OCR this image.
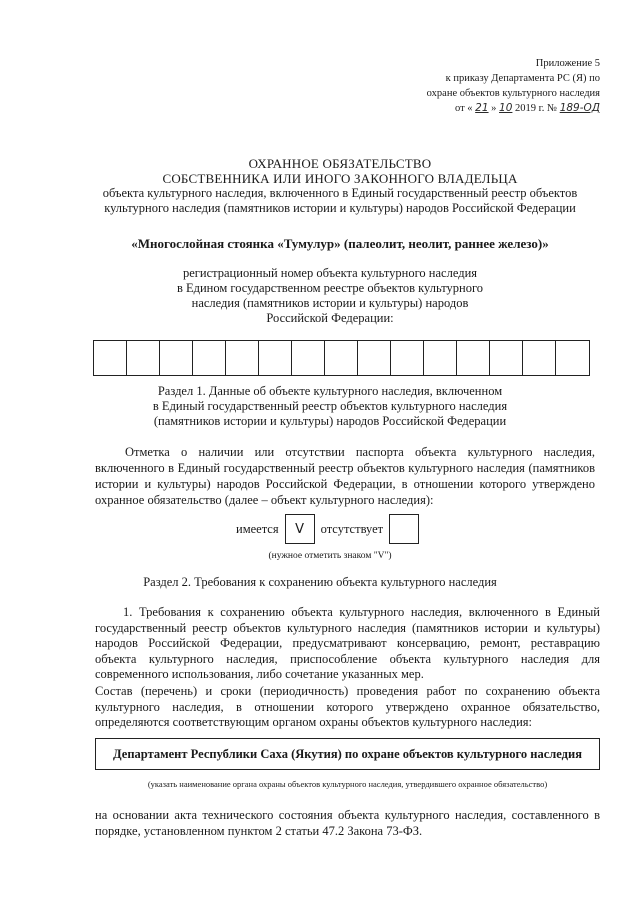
Приложение 5
к приказу Департамента РС (Я) по
охране объектов культурного наследия
от « 21 » 10 2019 г. № 189-ОД
ОХРАННОЕ ОБЯЗАТЕЛЬСТВО
СОБСТВЕННИКА ИЛИ ИНОГО ЗАКОННОГО ВЛАДЕЛЬЦА
объекта культурного наследия, включенного в Единый государственный реестр объектов
культурного наследия (памятников истории и культуры) народов Российской Федерации
«Многослойная стоянка «Тумулур» (палеолит, неолит, раннее железо)»
регистрационный номер объекта культурного наследия
в Едином государственном реестре объектов культурного
наследия (памятников истории и культуры) народов
Российской Федерации:
Раздел 1. Данные об объекте культурного наследия, включенном
в Единый государственный реестр объектов культурного наследия
(памятников истории и культуры) народов Российской Федерации
Отметка о наличии или отсутствии паспорта объекта культурного наследия, включенного в Единый государственный реестр объектов культурного наследия (памятников истории и культуры) народов Российской Федерации, в отношении которого утверждено охранное обязательство (далее – объект культурного наследия):
имеется	V	отсутствует
(нужное отметить знаком "V")
Раздел 2. Требования к сохранению объекта культурного наследия
1. Требования к сохранению объекта культурного наследия, включенного в Единый государственный реестр объектов культурного наследия (памятников истории и культуры) народов Российской Федерации, предусматривают консервацию, ремонт, реставрацию объекта культурного наследия, приспособление объекта культурного наследия для современного использования, либо сочетание указанных мер.
Состав (перечень) и сроки (периодичность) проведения работ по сохранению объекта культурного наследия, в отношении которого утверждено охранное обязательство, определяются соответствующим органом охраны объектов культурного наследия:
Департамент Республики Саха (Якутия) по охране объектов культурного наследия
(указать наименование органа охраны объектов культурного наследия, утвердившего охранное обязательство)
на основании акта технического состояния объекта культурного наследия, составленного в порядке, установленном пунктом 2 статьи 47.2 Закона 73-ФЗ.
